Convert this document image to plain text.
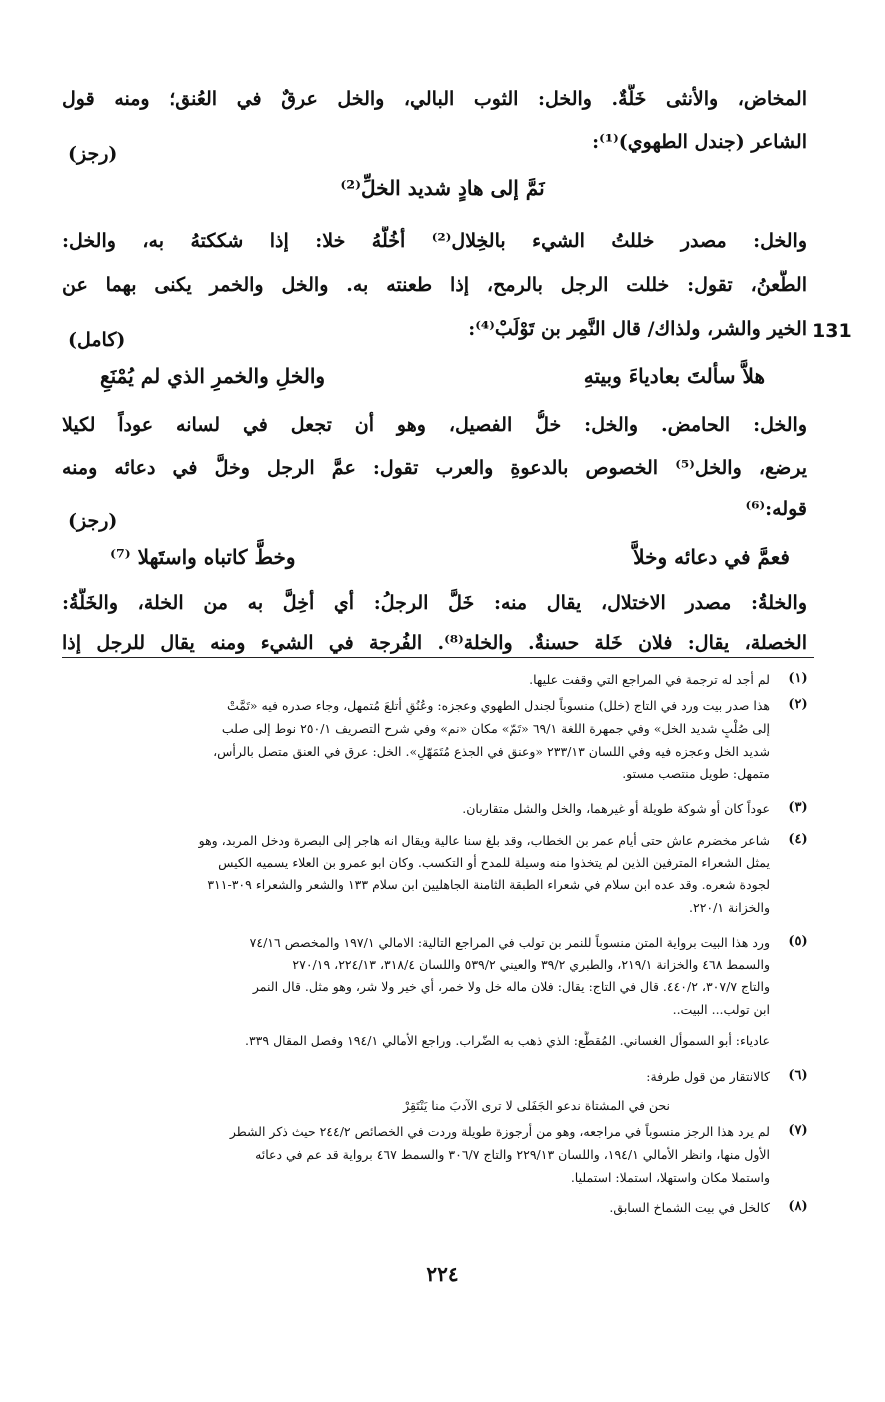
المخاض، والأنثى خَلَّةٌ. والخل: الثوب البالي، والخل عرقٌ في العُنق؛ ومنه قول
الشاعر (جندل الطهوي)⁽¹⁾:
(رجز)
نَمَّ إلى هادٍ شديد الخلِّ⁽²⁾
والخل: مصدر خللتُ الشيء بالخِلال⁽²⁾ أخُلُّهُ خلا: إذا شككتهُ به، والخل:
الطَّعنُ، تقول: خللت الرجل بالرمح، إذا طعنته به. والخل والخمر يكنى بهما عن
الخير والشر، ولذاك/ قال النَّمِر بن تَوْلَبْ⁽⁴⁾:
(كامل)	131
هلاَّ سألتَ بعادياءَ وبيتهِ
والخلِ والخمرِ الذي لم يُمْنَعِ
والخل: الحامض. والخل: خلُّ الفصيل، وهو أن تجعل في لسانه عوداً لكيلا
يرضع، والخل⁽⁵⁾ الخصوص بالدعوةِ والعرب تقول: عمَّ الرجل وخلَّ في دعائه ومنه
قوله:⁽⁶⁾
(رجز)
فعمَّ في دعائه وخلاَّ
وخطَّ كاتباه واستَهلا ⁽⁷⁾
والخلةُ: مصدر الاختلال، يقال منه: خَلَّ الرجلُ: أي أخِلَّ به من الخلة، والخَلَّةُ:
الخصلة، يقال: فلان خَلة حسنةٌ. والخلة⁽⁸⁾. الفُرجة في الشيء ومنه يقال للرجل إذا
(١)
لم أجد له ترجمة في المراجع التي وقفت عليها.
(٢)
هذا صدر بيت ورد في التاج (خلل) منسوباً لجندل الطهوي وعجزه: وعُنُقٍ أتلعَ مُتمهل، وجاء صدره فيه «تَمَّتْ
إلى صُلْبٍ شديد الخل» وفي جمهرة اللغة ٦٩/١ «تَمّ» مكان «نم» وفي شرح التصريف ٢٥٠/١ نوط إلى صلب
شديد الخل وعجزه فيه وفي اللسان ٢٣٣/١٣ «وعنق في الجذع مُتَمَهّلِ». الخل: عرق في العنق متصل بالرأس،
متمهل: طويل منتصب مستو.
(٣)
عوداً كان أو شوكة طويلة أو غيرهما، والخل والشل متقاربان.
(٤)
شاعر مخضرم عاش حتى أيام عمر بن الخطاب، وقد بلغ سنا عالية ويقال انه هاجر إلى البصرة ودخل المربد، وهو
يمثل الشعراء المترفين الذين لم يتخذوا منه وسيلة للمدح أو التكسب. وكان ابو عمرو بن العلاء يسميه الكيس
لجودة شعره. وقد عده ابن سلام في شعراء الطبقة الثامنة الجاهليين ابن سلام ١٣٣ والشعر والشعراء ٣٠٩-٣١١
والخزانة ٢٢٠/١.
(٥)
ورد هذا البيت برواية المتن منسوباً للنمر بن تولب في المراجع التالية: الامالي ١٩٧/١ والمخصص ٧٤/١٦
والسمط ٤٦٨ والخزانة ٢١٩/١، والطبري ٣٩/٢ والعيني ٥٣٩/٢ واللسان ٣١٨/٤، ٢٢٤/١٣، ٢٧٠/١٩
والتاج ٣٠٧/٧، ٤٤٠/٢. قال في التاج: يقال: فلان ماله خل ولا خمر، أي خير ولا شر، وهو مثل. قال النمر
ابن تولب... البيت..
عادياء: أبو السموأل الغساني. المُقطَّع: الذي ذهب به الضّراب. وراجع الأمالي ١٩٤/١ وفصل المقال ٣٣٩.
(٦)
كالانتقار من قول طرفة:
نحن في المشتاة ندعو الجَفَلى لا ترى الآدبَ منا يَنْتَقِرْ
(٧)
لم يرد هذا الرجز منسوباً في مراجعه، وهو من أرجوزة طويلة وردت في الخصائص ٢٤٤/٢ حيث ذكر الشطر
الأول منها، وانظر الأمالي ١٩٤/١، واللسان ٢٢٩/١٣ والتاج ٣٠٦/٧ والسمط ٤٦٧ برواية قد عم في دعائه
واستملا مكان واستهلا، استملا: استمليا.
(٨)
كالخل في بيت الشماخ السابق.
٢٢٤
